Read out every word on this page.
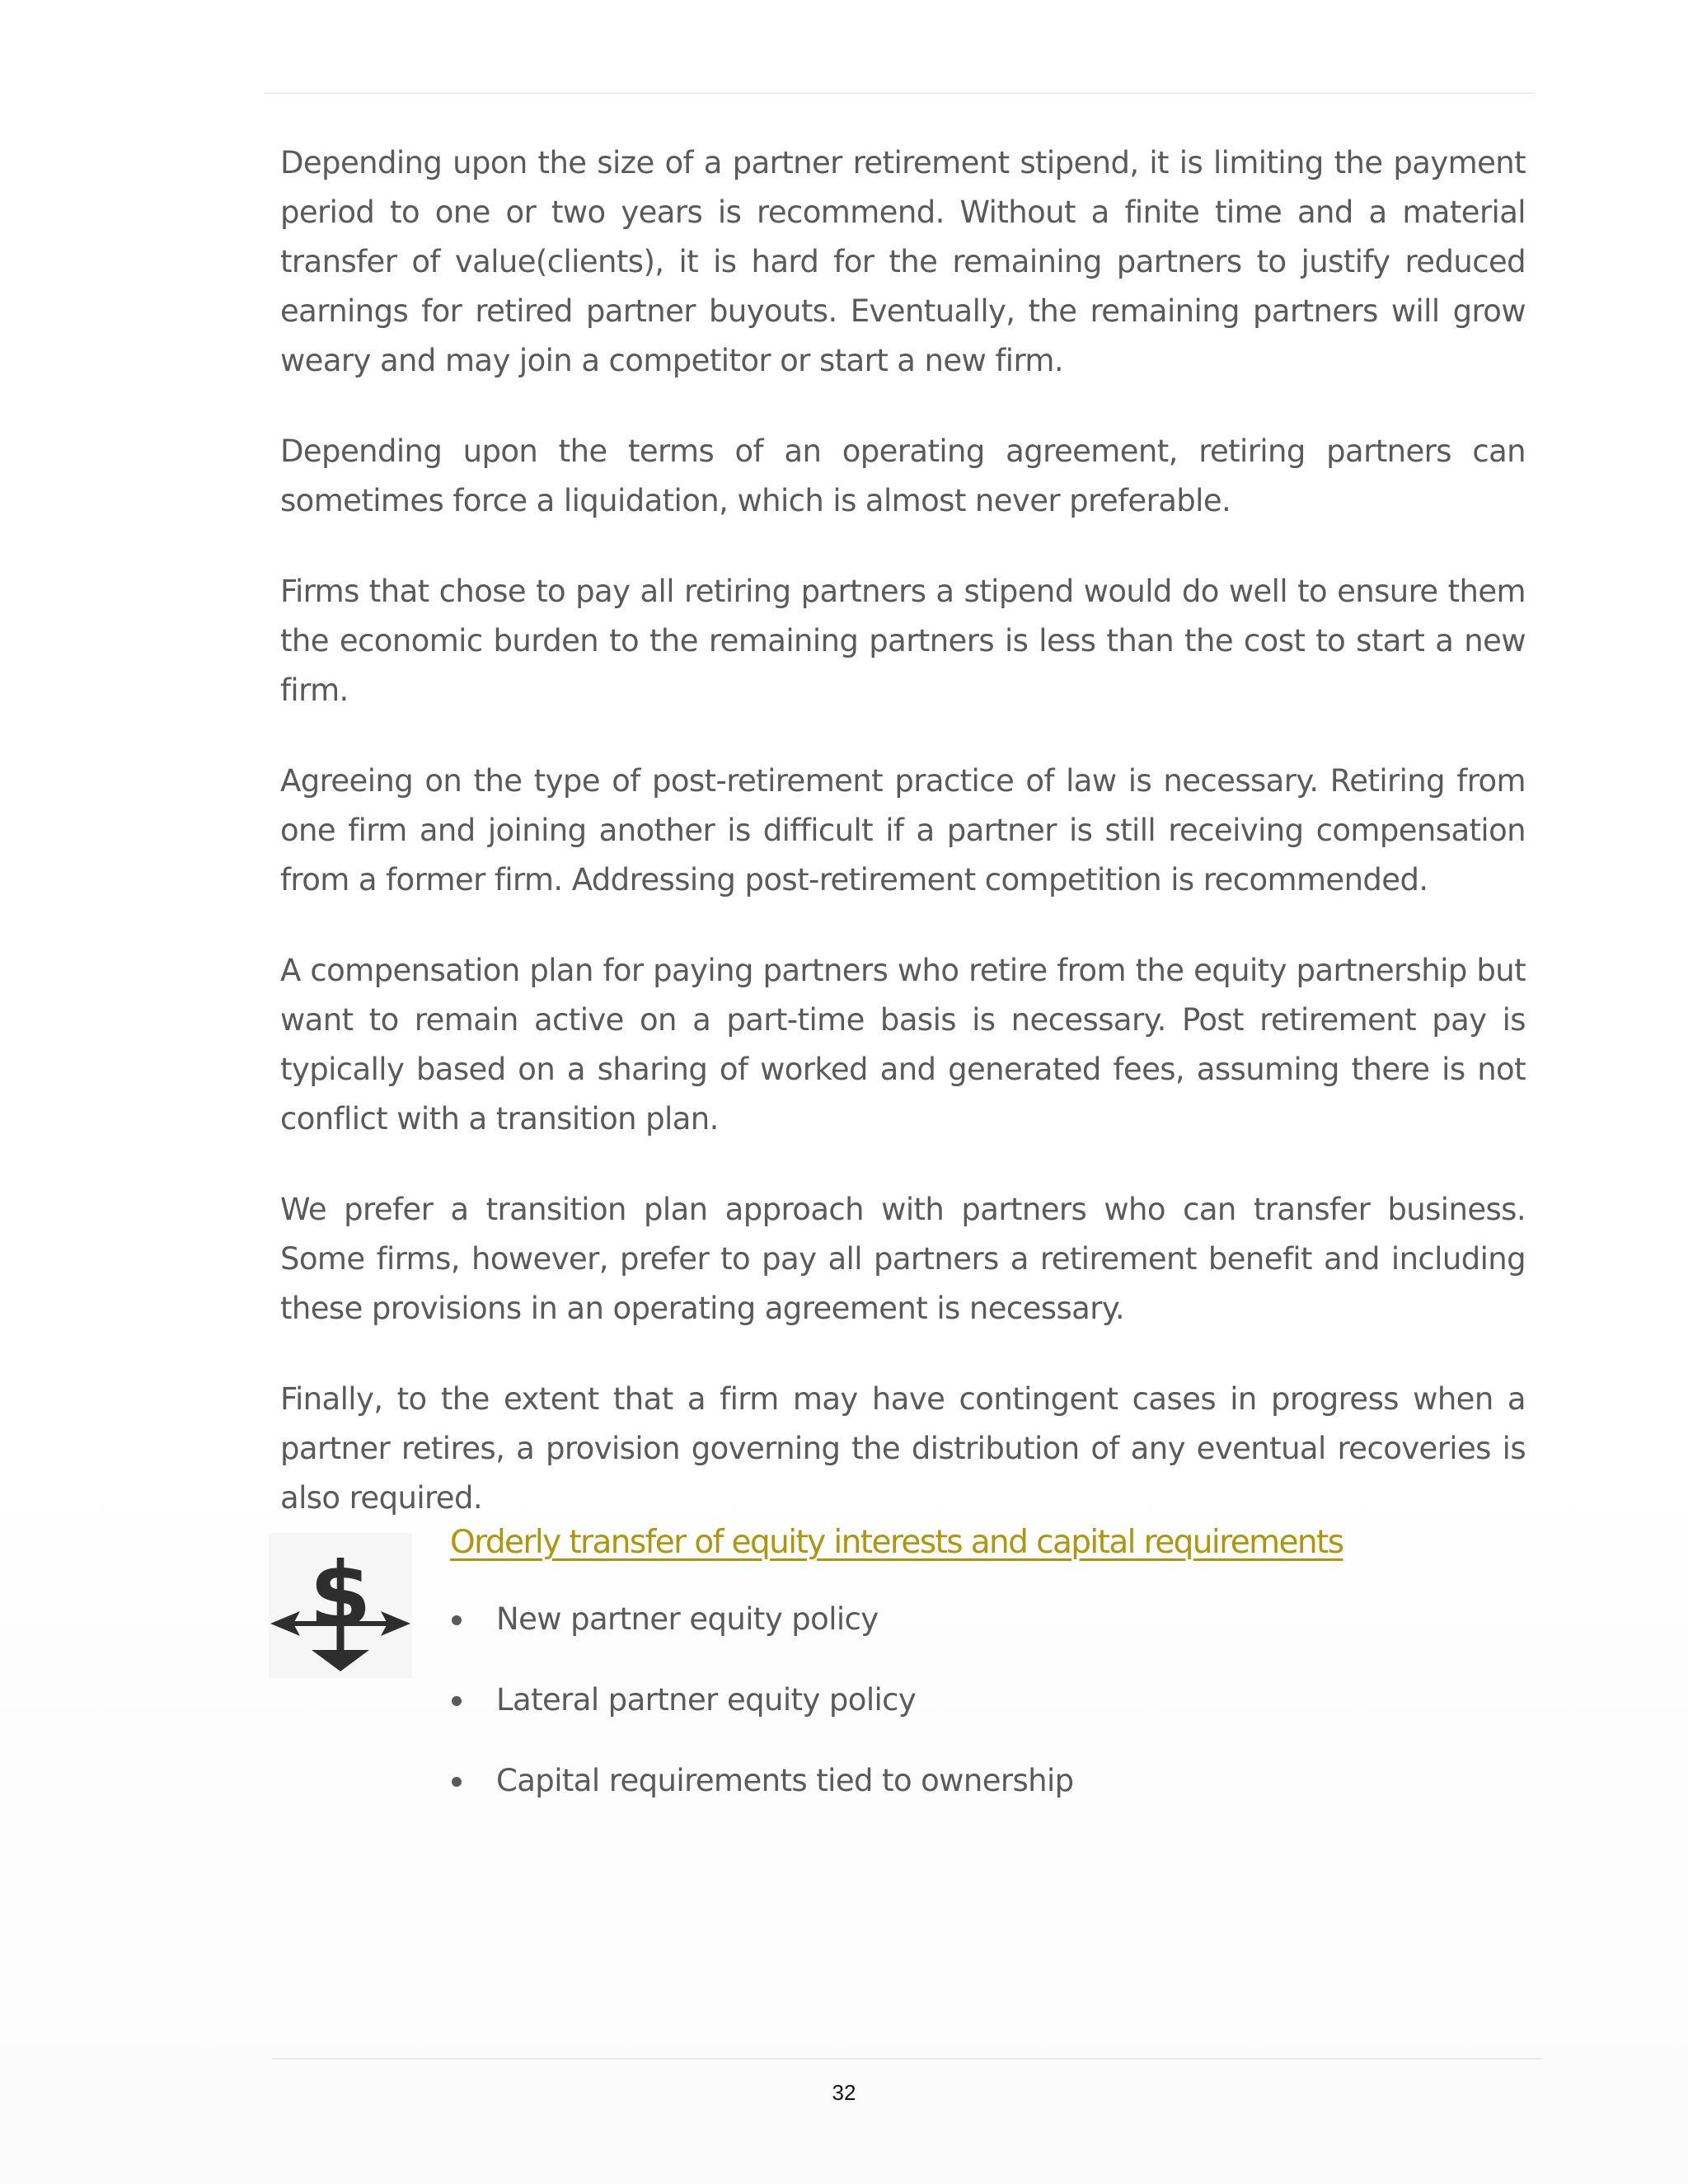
Depending upon the size of a partner retirement stipend, it is limiting the payment period to one or two years is recommend. Without a finite time and a material transfer of value(clients), it is hard for the remaining partners to justify reduced earnings for retired partner buyouts. Eventually, the remaining partners will grow weary and may join a competitor or start a new firm.

Depending upon the terms of an operating agreement, retiring partners can sometimes force a liquidation, which is almost never preferable.

Firms that chose to pay all retiring partners a stipend would do well to ensure them the economic burden to the remaining partners is less than the cost to start a new firm.

Agreeing on the type of post-retirement practice of law is necessary. Retiring from one firm and joining another is difficult if a partner is still receiving compensation from a former firm. Addressing post-retirement competition is recommended.

A compensation plan for paying partners who retire from the equity partnership but want to remain active on a part-time basis is necessary. Post retirement pay is typically based on a sharing of worked and generated fees, assuming there is not conflict with a transition plan.

We prefer a transition plan approach with partners who can transfer business. Some firms, however, prefer to pay all partners a retirement benefit and including these provisions in an operating agreement is necessary.

Finally, to the extent that a firm may have contingent cases in progress when a partner retires, a provision governing the distribution of any eventual recoveries is also required.

$
Orderly transfer of equity interests and capital requirements
New partner equity policy
Lateral partner equity policy
Capital requirements tied to ownership
32
